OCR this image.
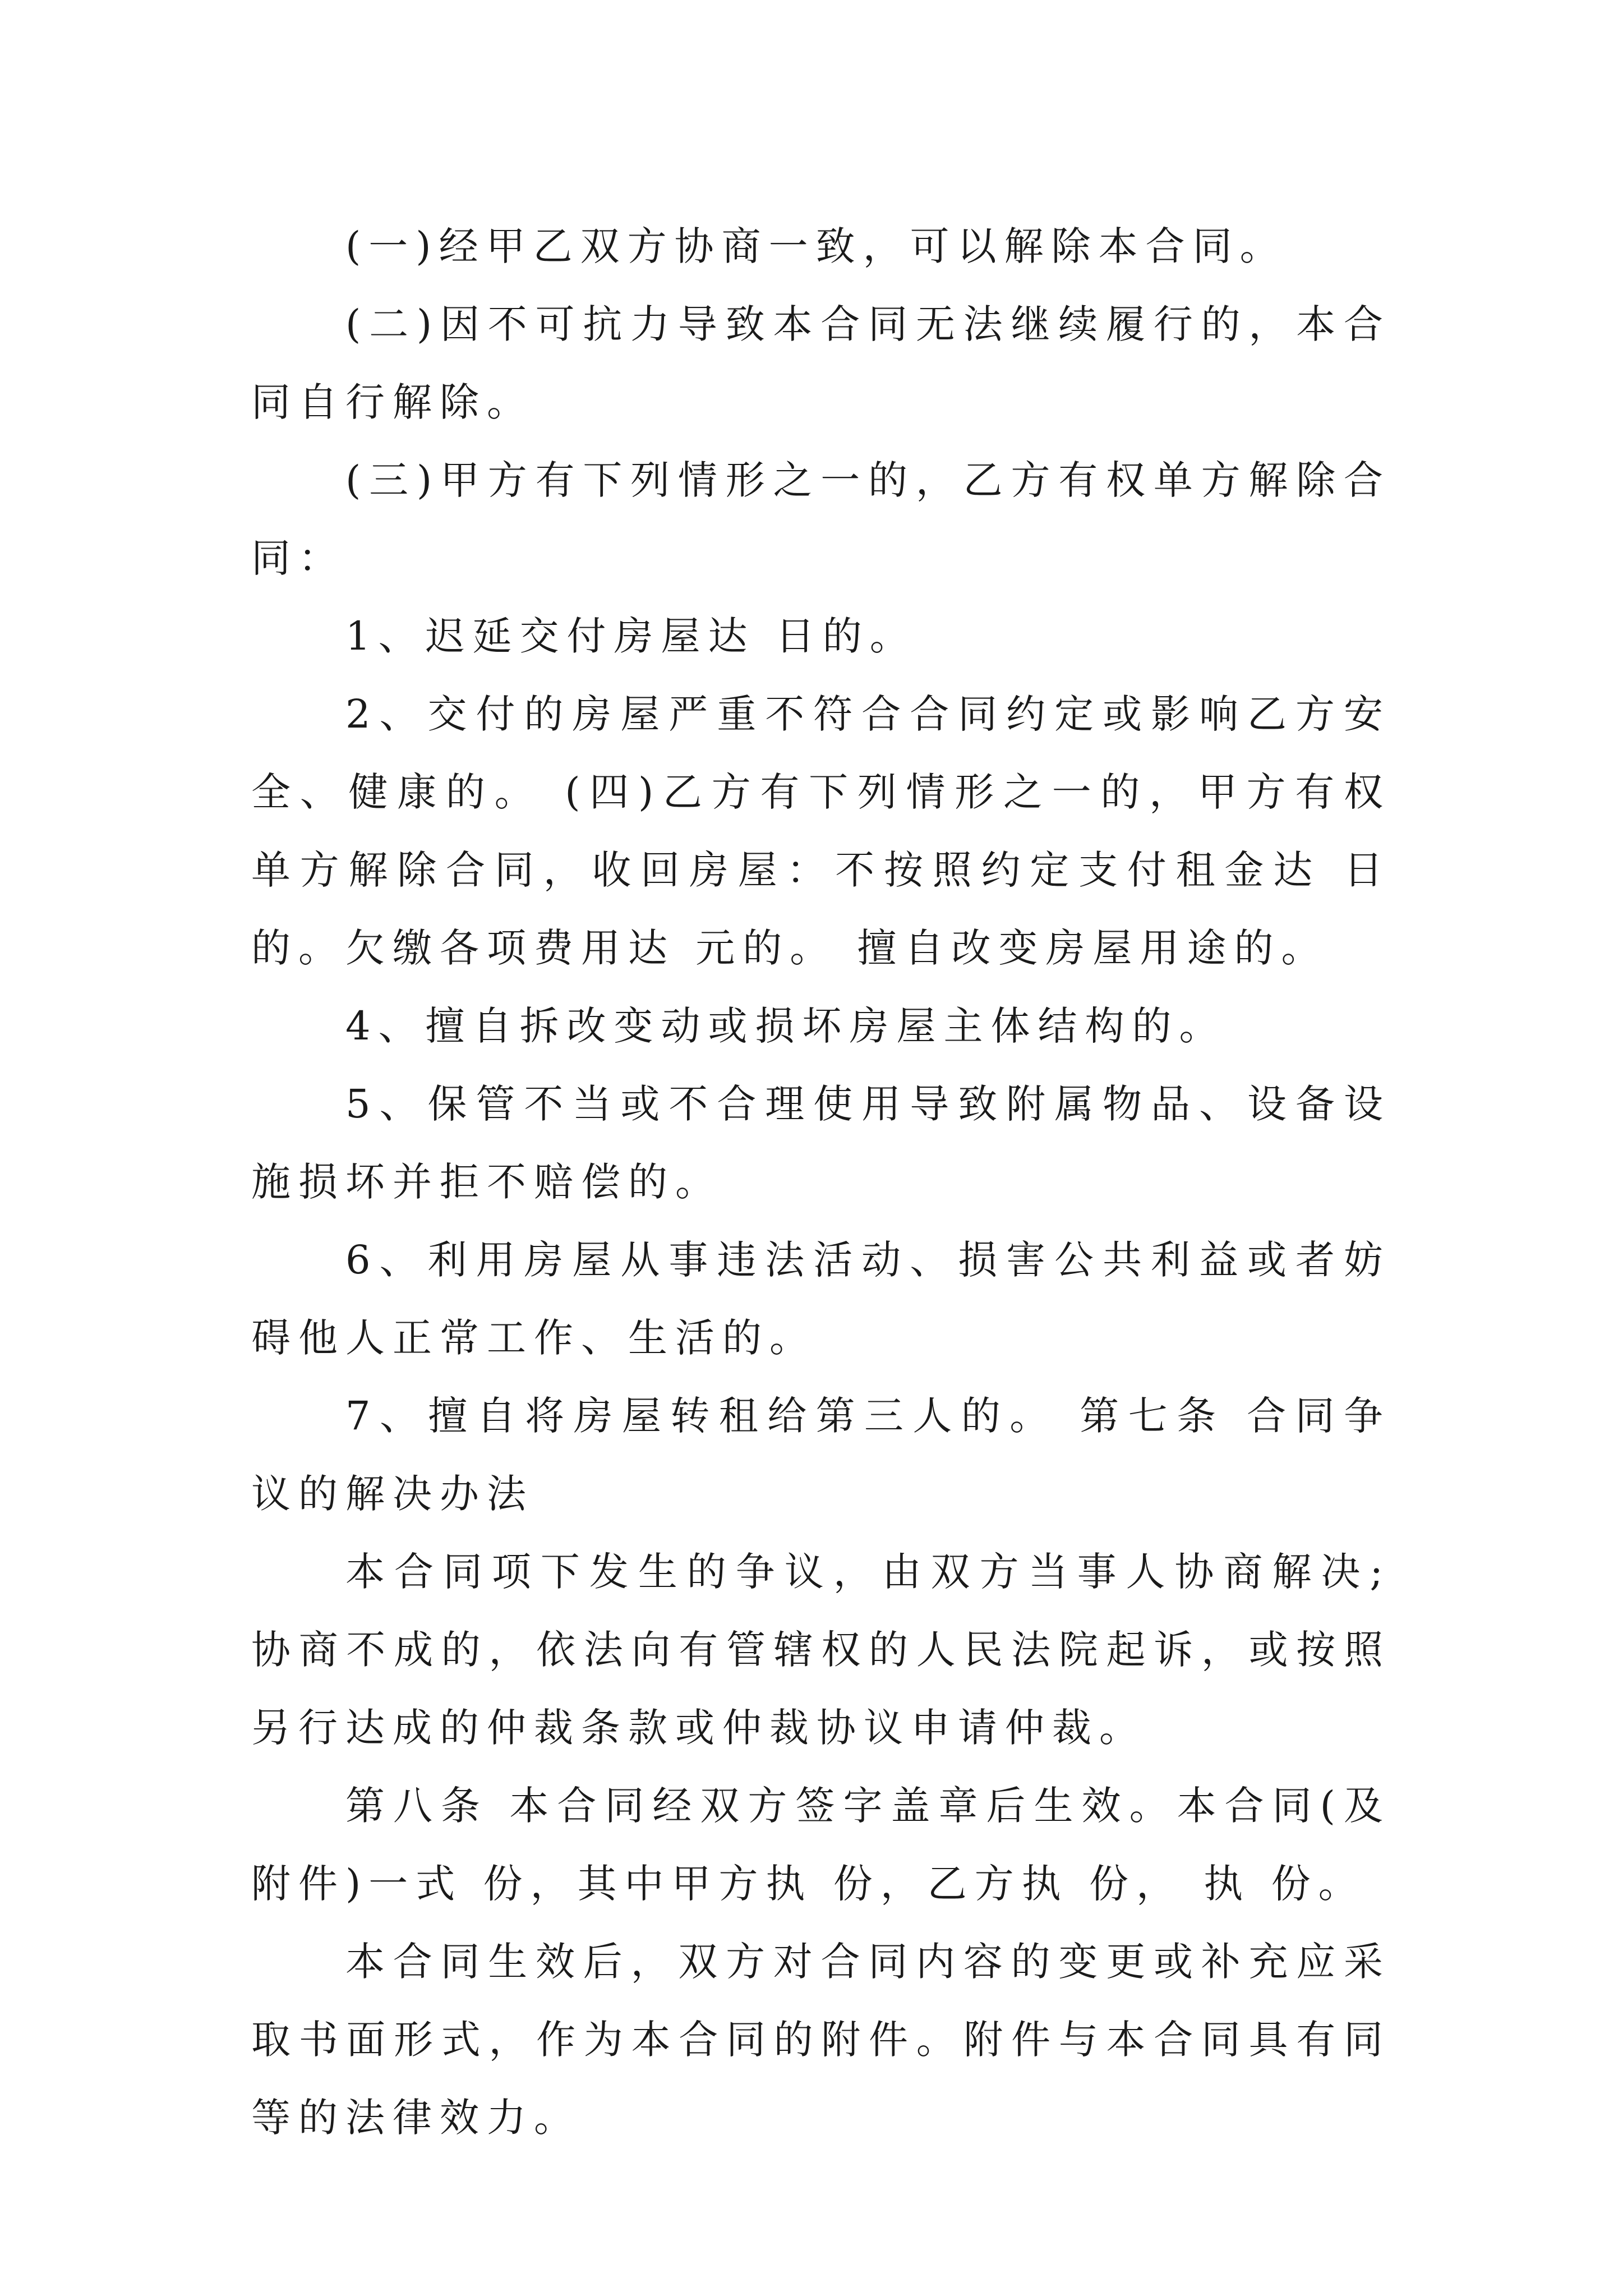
(一)经甲乙双方协商一致，可以解除本合同。

(二)因不可抗力导致本合同无法继续履行的，本合同自行解除。

(三)甲方有下列情形之一的，乙方有权单方解除合同：

1、迟延交付房屋达 日的。

2、交付的房屋严重不符合合同约定或影响乙方安全、健康的。 (四)乙方有下列情形之一的，甲方有权单方解除合同，收回房屋：不按照约定支付租金达 日的。欠缴各项费用达 元的。 擅自改变房屋用途的。

4、擅自拆改变动或损坏房屋主体结构的。

5、保管不当或不合理使用导致附属物品、设备设施损坏并拒不赔偿的。

6、利用房屋从事违法活动、损害公共利益或者妨碍他人正常工作、生活的。

7、擅自将房屋转租给第三人的。 第七条 合同争议的解决办法

本合同项下发生的争议，由双方当事人协商解决;协商不成的，依法向有管辖权的人民法院起诉，或按照另行达成的仲裁条款或仲裁协议申请仲裁。

第八条 本合同经双方签字盖章后生效。本合同(及附件)一式 份，其中甲方执 份，乙方执 份， 执 份。

本合同生效后，双方对合同内容的变更或补充应采取书面形式，作为本合同的附件。附件与本合同具有同等的法律效力。
